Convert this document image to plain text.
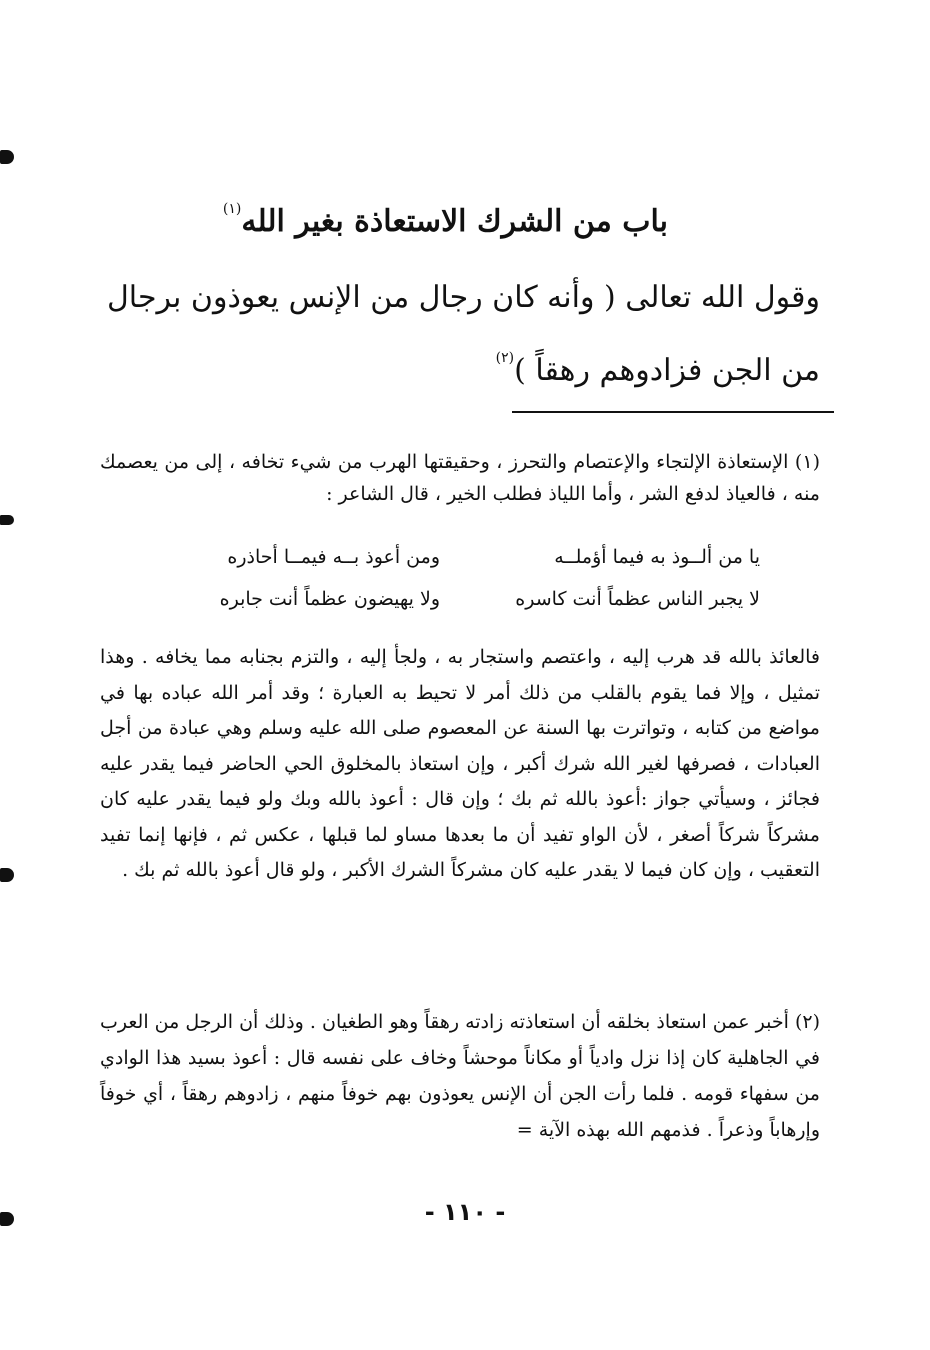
باب من الشرك الاستعاذة بغير الله$^{(١)}$
وقول الله تعالى ( وأنه كان رجال من الإنس يعوذون برجال
من الجن فزادوهم رهقاً )$^{(٢)}$

(١) الإستعاذة الإلتجاء والإعتصام والتحرز ، وحقيقتها الهرب من شيء تخافه ، إلى من يعصمك منه ، فالعياذ لدفع الشر ، وأما اللياذ فطلب الخير ، قال الشاعر :

يا من ألــوذ به فيما أؤملــه
ومن أعوذ بــه فيمــا أحاذره
لا يجبر الناس عظماً أنت كاسره
ولا يهيضون عظماً أنت جابره

فالعائذ بالله قد هرب إليه ، واعتصم واستجار به ، ولجأ إليه ، والتزم بجنابه مما يخافه . وهذا تمثيل ، وإلا فما يقوم بالقلب من ذلك أمر لا تحيط به العبارة ؛ وقد أمر الله عباده بها في مواضع من كتابه ، وتواترت بها السنة عن المعصوم صلى الله عليه وسلم وهي عبادة من أجل العبادات ، فصرفها لغير الله شرك أكبر ، وإن استعاذ بالمخلوق الحي الحاضر فيما يقدر عليه فجائز ، وسيأتي جواز :أعوذ بالله ثم بك ؛ وإن قال : أعوذ بالله وبك ولو فيما يقدر عليه كان مشركاً شركاً أصغر ، لأن الواو تفيد أن ما بعدها مساو لما قبلها ، عكس ثم ، فإنها إنما تفيد التعقيب ، وإن كان فيما لا يقدر عليه كان مشركاً الشرك الأكبر ، ولو قال أعوذ بالله ثم بك .

(٢) أخبر عمن استعاذ بخلقه أن استعاذته زادته رهقاً وهو الطغيان . وذلك أن الرجل من العرب في الجاهلية كان إذا نزل وادياً أو مكاناً موحشاً وخاف على نفسه قال : أعوذ بسيد هذا الوادي من سفهاء قومه . فلما رأت الجن أن الإنس يعوذون بهم خوفاً منهم ، زادوهم رهقاً ، أي خوفاً وإرهاباً وذعراً . فذمهم الله بهذه الآية =

- ١١٠ -
